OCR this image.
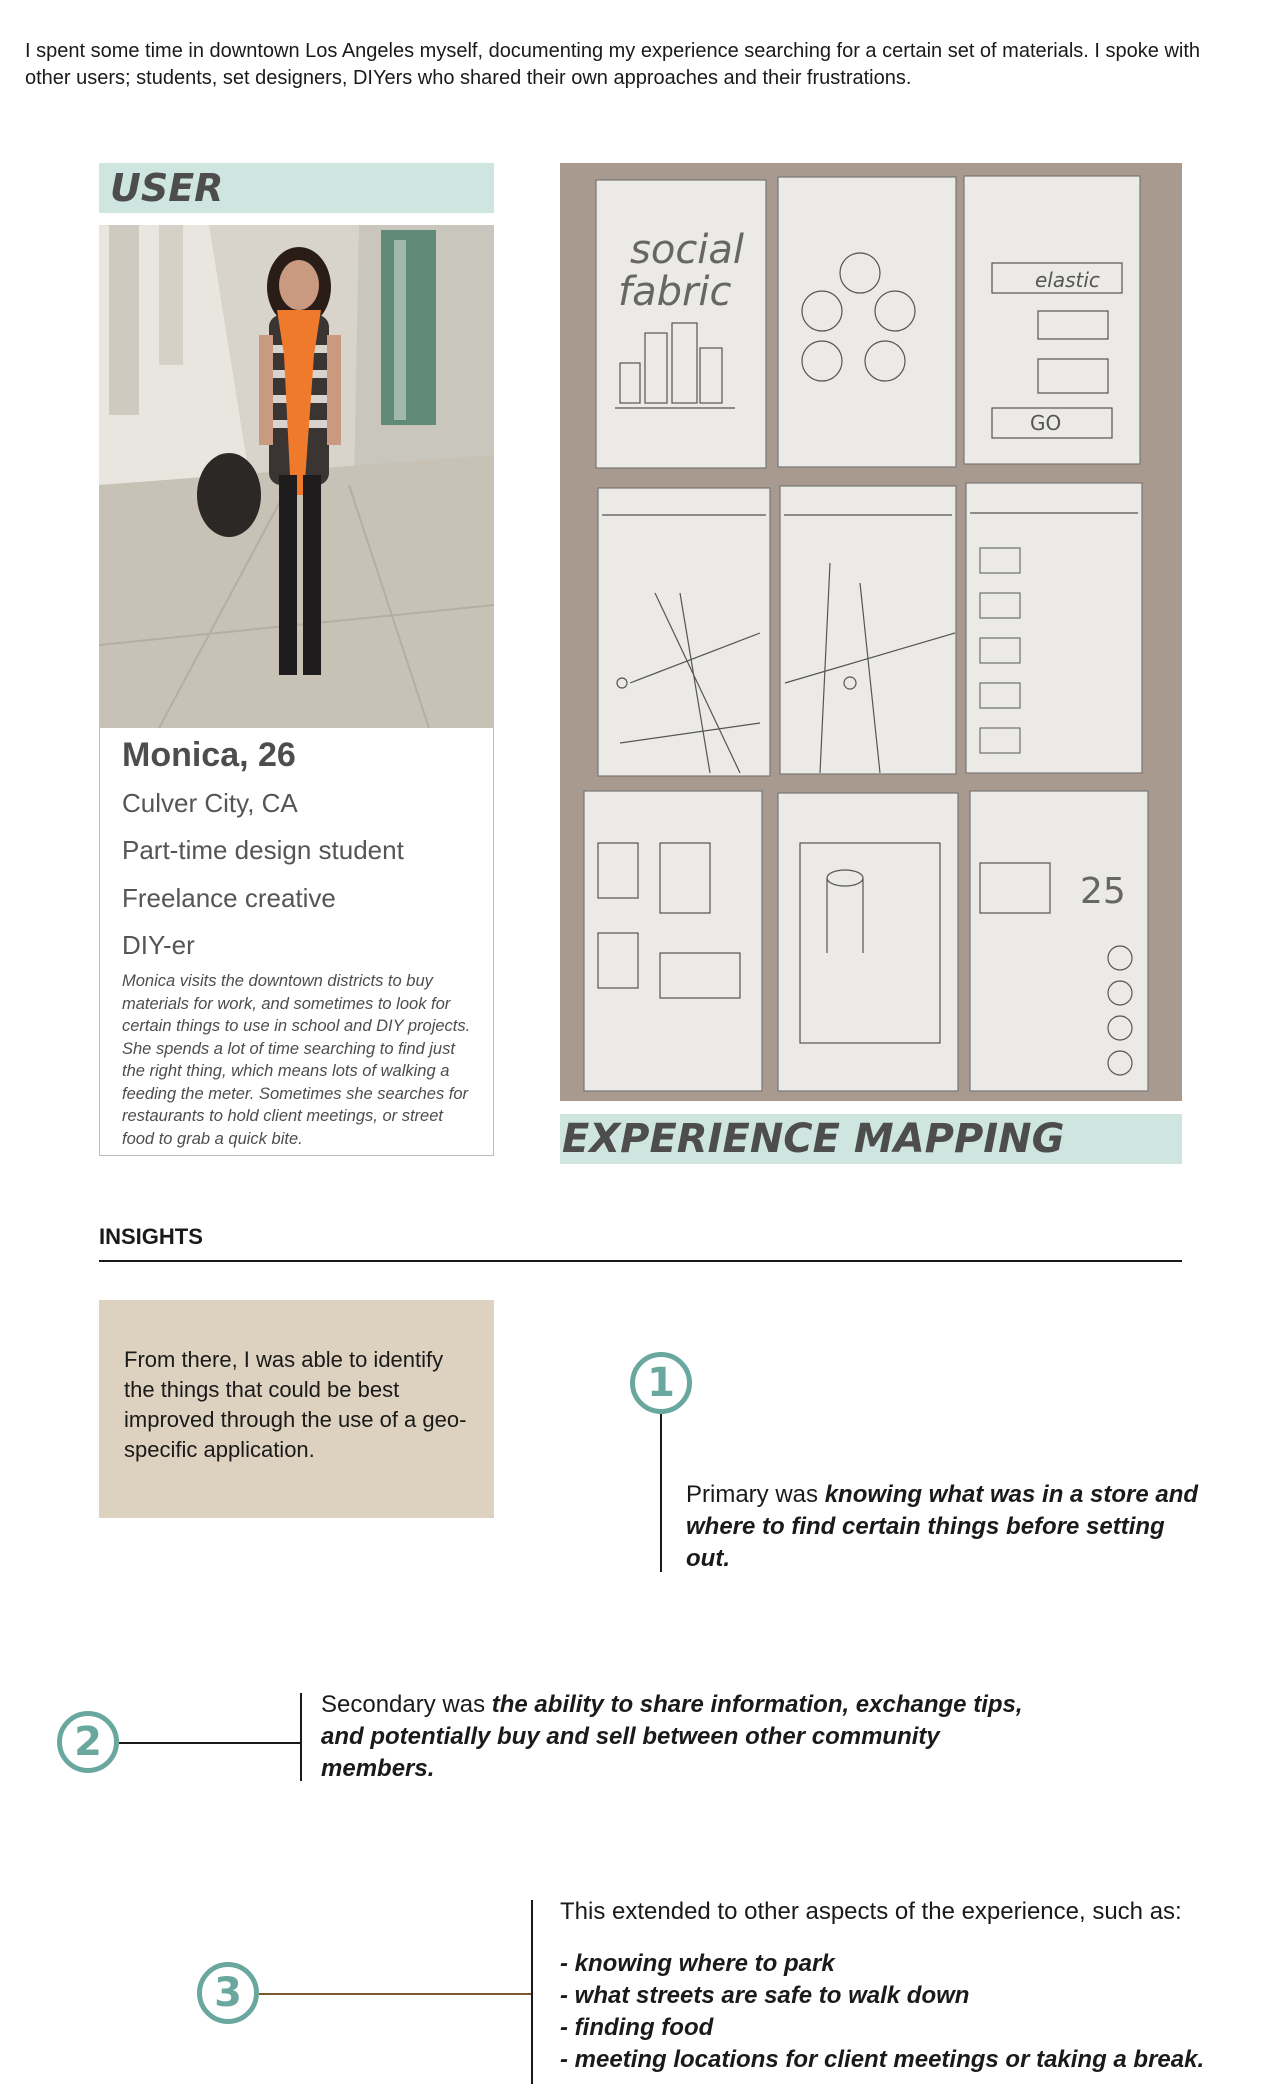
I spent some time in downtown Los Angeles myself, documenting my experience searching for a certain set of materials. I spoke with other users; students, set designers, DIYers who shared their own approaches and their frustrations.

USER
Monica, 26
Culver City, CA
Part-time design student
Freelance creative
DIY-er
Monica visits the downtown districts to buy materials for work, and sometimes to look for certain things to use in school and DIY projects. She spends a lot of time searching to find just the right thing, which means lots of walking a feeding the meter. Sometimes she searches for restaurants to hold client meetings, or street food to grab a quick bite.
social
fabric	elastic
GO
25
EXPERIENCE MAPPING
INSIGHTS

From there, I was able to identify the things that could be best improved through the use of a geo-specific application.

1
Primary was knowing what was in a store and where to find certain things before setting out.
2
Secondary was the ability to share information, exchange tips, and potentially buy and sell between other community members.
3
This extended to other aspects of the experience, such as:
- knowing where to park
- what streets are safe to walk down
- finding food
- meeting locations for client meetings or taking a break.
